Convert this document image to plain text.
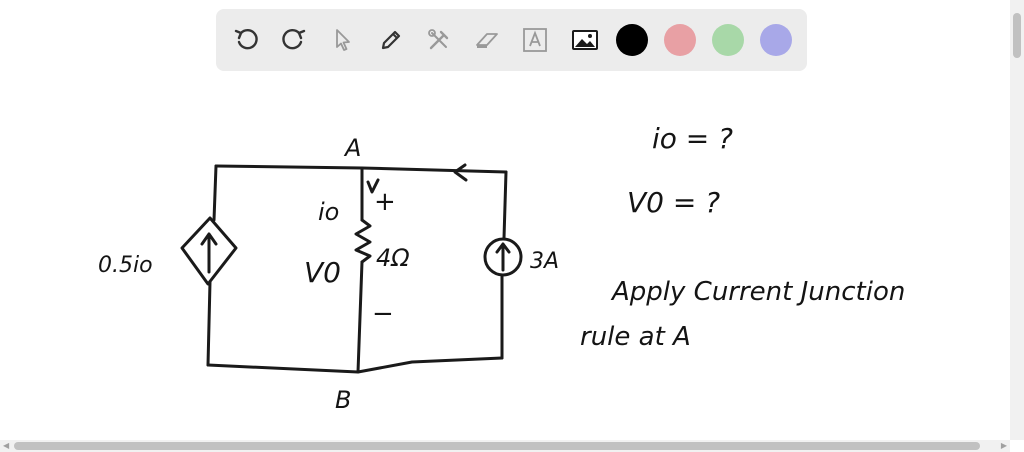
A
B
io +
−
4Ω
V0
0.5io	3A
io = ?
V0 = ?
Apply Current Junction
rule at A
◀	▶
